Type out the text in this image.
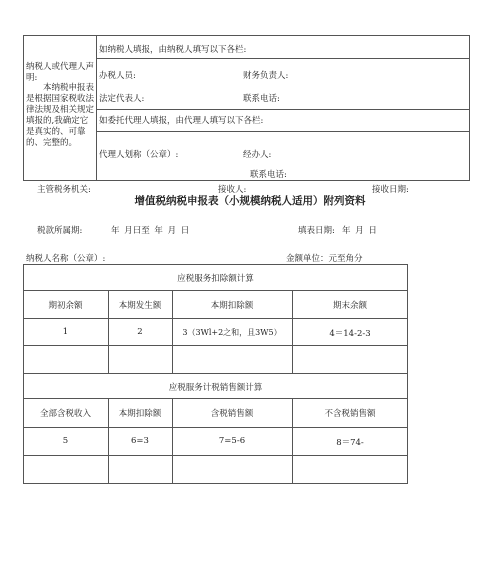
纳税人或代理人声明:
本纳税申报表是根据国家税收法律法规及相关规定填报的,我确定它是真实的、可靠的、完整的。
如纳税人填报，由纳税人填写以下各栏:
办税人员:	财务负责人:
法定代表人:	联系电话:
如委托代理人填报，由代理人填写以下各栏:
代理人划称（公章）:	经办人:
联系电话:
主管税务机关:	接收人:	接收日期:
增值税纳税申报表（小规模纳税人适用）附列资料
税款所属期:	年 月曰至 年 月 日	填表日期: 年 月 日
纳税人名称（公章）:	金额单位：元至角分
应税服务扣除额计算
期初余额	本期发生额	本期扣除额	期末余额
1	2	3（3Wl+2之和，且3W5）	4＝14-2-3
应税服务计税销售额计算
全部含税收入	本期扣除额	含税销售额	不含税销售额
5	6=3	7=5-6	8＝74-
